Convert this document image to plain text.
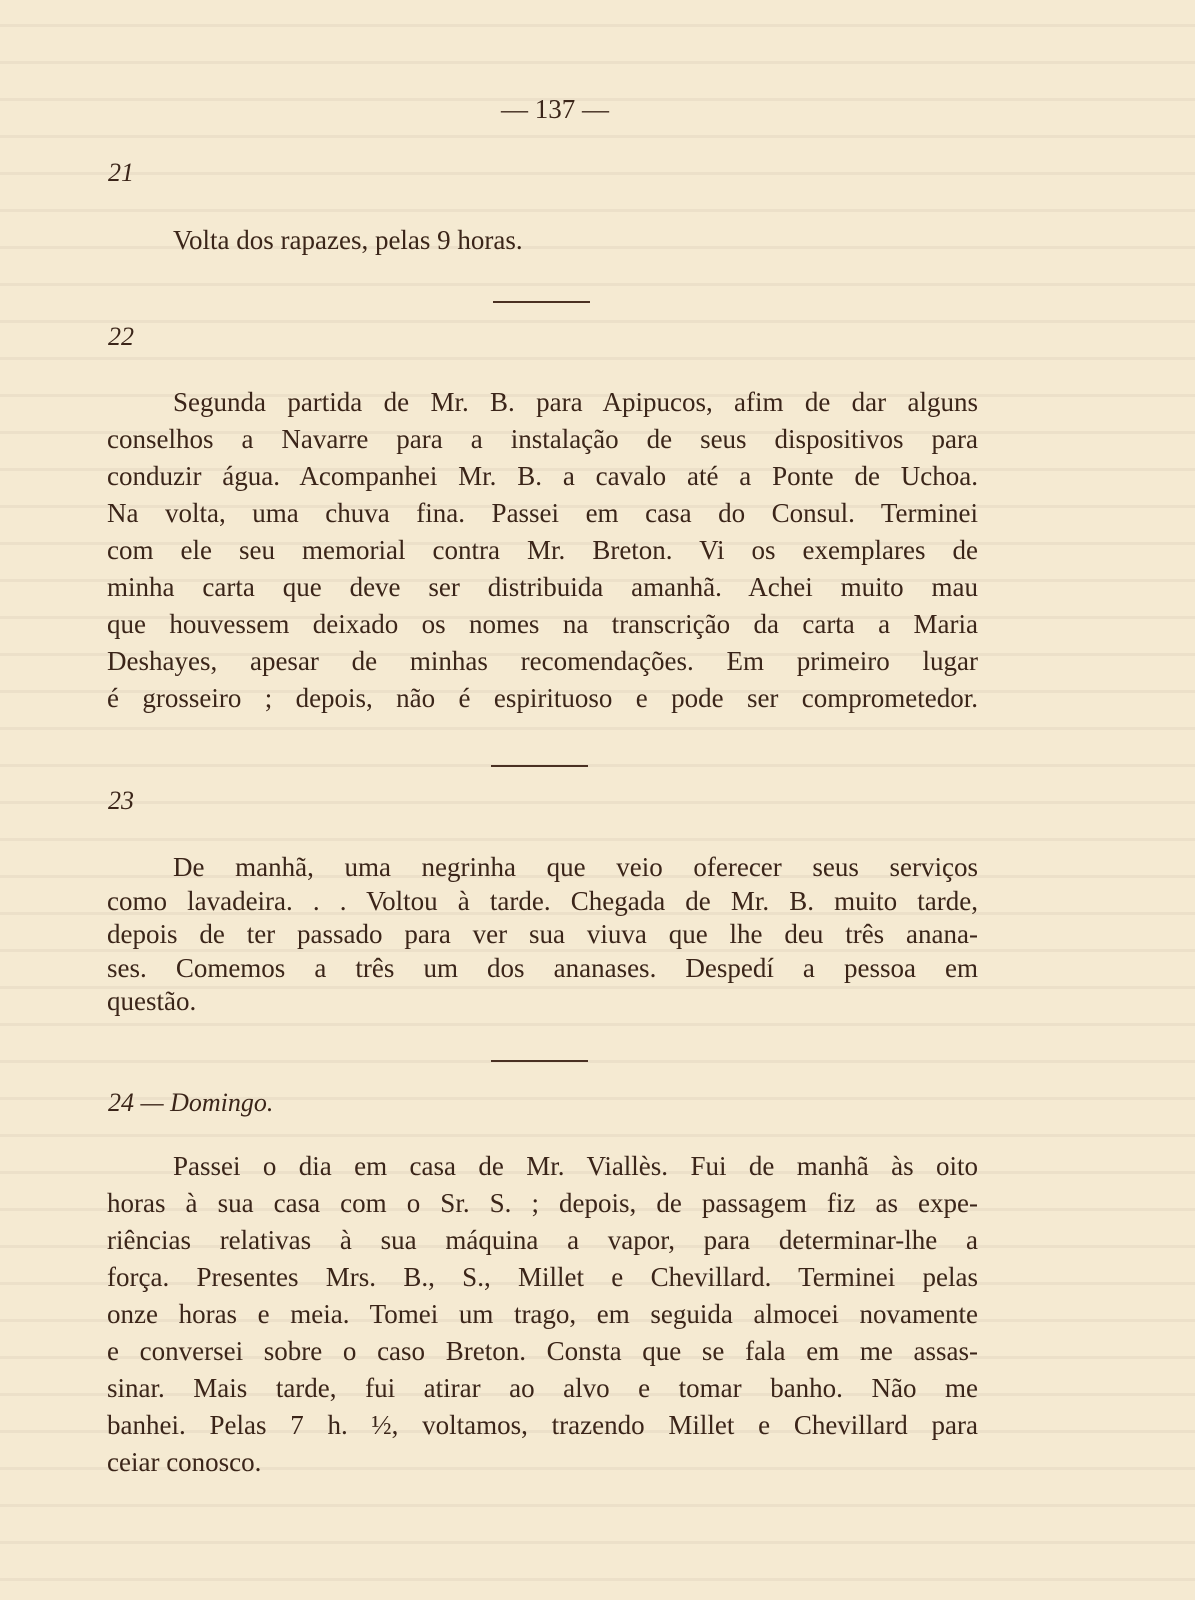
— 137 —
21
Volta dos rapazes, pelas 9 horas.
22
Segunda partida de Mr. B. para Apipucos, afim de dar alguns
conselhos a Navarre para a instalação de seus dispositivos para
conduzir água. Acompanhei Mr. B. a cavalo até a Ponte de Uchoa.
Na volta, uma chuva fina. Passei em casa do Consul. Terminei
com ele seu memorial contra Mr. Breton. Vi os exemplares de
minha carta que deve ser distribuida amanhã. Achei muito mau
que houvessem deixado os nomes na transcrição da carta a Maria
Deshayes, apesar de minhas recomendações. Em primeiro lugar
é grosseiro ; depois, não é espirituoso e pode ser comprometedor.
23
De manhã, uma negrinha que veio oferecer seus serviços
como lavadeira. . . Voltou à tarde. Chegada de Mr. B. muito tarde,
depois de ter passado para ver sua viuva que lhe deu três anana-
ses. Comemos a três um dos ananases. Despedí a pessoa em
questão.
24 — Domingo.
Passei o dia em casa de Mr. Viallès. Fui de manhã às oito
horas à sua casa com o Sr. S. ; depois, de passagem fiz as expe-
riências relativas à sua máquina a vapor, para determinar-lhe a
força. Presentes Mrs. B., S., Millet e Chevillard. Terminei pelas
onze horas e meia. Tomei um trago, em seguida almocei novamente
e conversei sobre o caso Breton. Consta que se fala em me assas-
sinar. Mais tarde, fui atirar ao alvo e tomar banho. Não me
banhei. Pelas 7 h. ½, voltamos, trazendo Millet e Chevillard para
ceiar conosco.
